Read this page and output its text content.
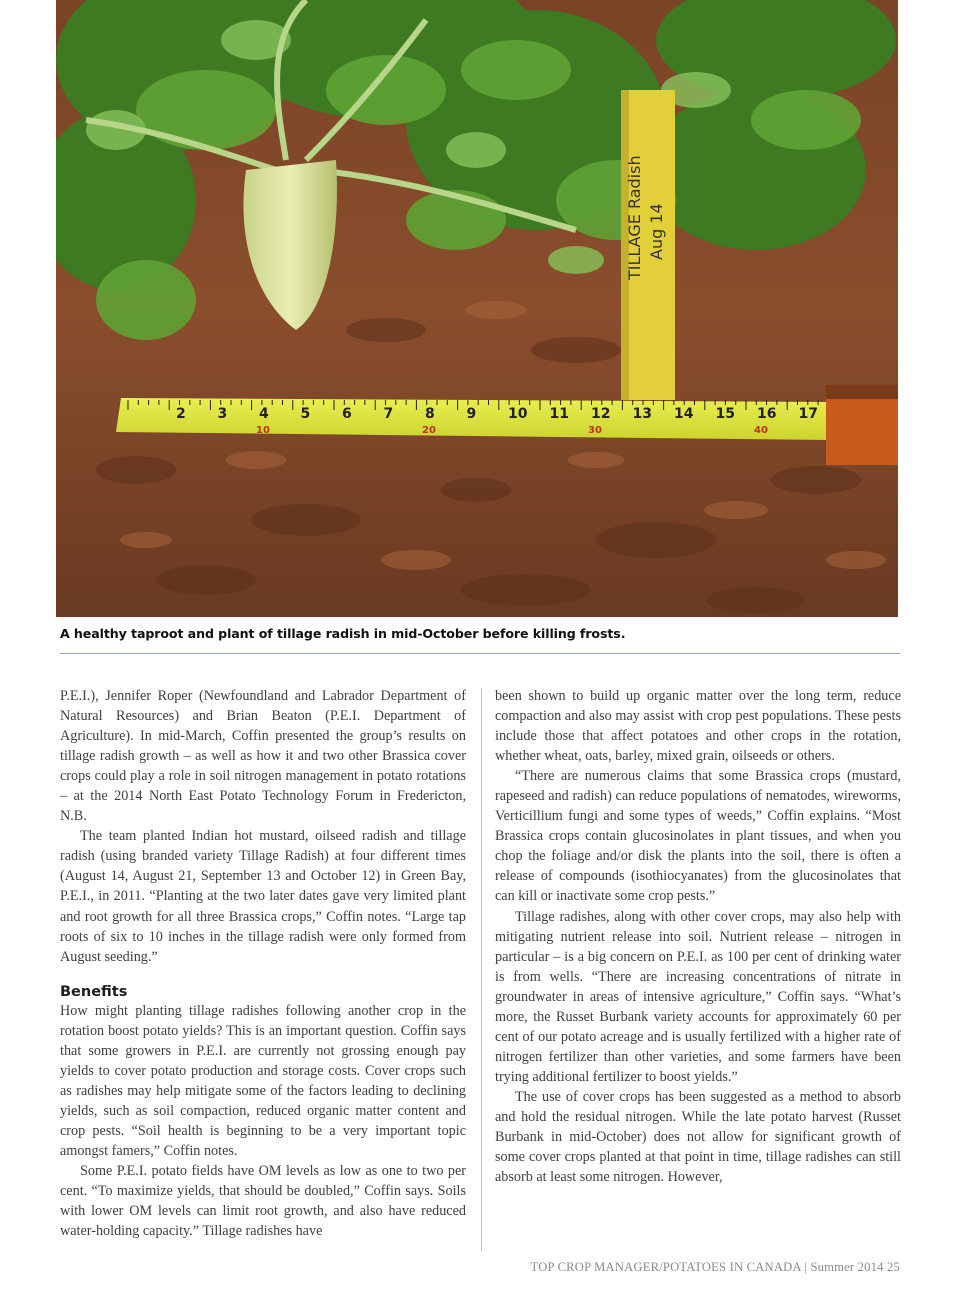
TILLAGE Radish Aug 14
2 3 4 5 6 7 8 9 10 11 12 13 14 15 16 17
10	20	30	40
A healthy taproot and plant of tillage radish in mid-October before killing frosts.

P.E.I.), Jennifer Roper (Newfoundland and Labrador Department of Natural Resources) and Brian Beaton (P.E.I. Department of Agriculture). In mid-March, Coffin presented the group’s results on tillage radish growth – as well as how it and two other Brassica cover crops could play a role in soil nitrogen management in potato rotations – at the 2014 North East Potato Technology Forum in Fredericton, N.B.

The team planted Indian hot mustard, oilseed radish and tillage radish (using branded variety Tillage Radish) at four different times (August 14, August 21, September 13 and October 12) in Green Bay, P.E.I., in 2011. “Planting at the two later dates gave very limited plant and root growth for all three Brassica crops,” Coffin notes. “Large tap roots of six to 10 inches in the tillage radish were only formed from August seeding.”

Benefits

How might planting tillage radishes following another crop in the rotation boost potato yields? This is an important question. Coffin says that some growers in P.E.I. are currently not grossing enough pay yields to cover potato production and storage costs. Cover crops such as radishes may help mitigate some of the factors leading to declining yields, such as soil compaction, reduced organic matter content and crop pests. “Soil health is beginning to be a very important topic amongst famers,” Coffin notes.

Some P.E.I. potato fields have OM levels as low as one to two per cent. “To maximize yields, that should be doubled,” Coffin says. Soils with lower OM levels can limit root growth, and also have reduced water-holding capacity.” Tillage radishes have

been shown to build up organic matter over the long term, reduce compaction and also may assist with crop pest populations. These pests include those that affect potatoes and other crops in the rotation, whether wheat, oats, barley, mixed grain, oilseeds or others.

“There are numerous claims that some Brassica crops (mustard, rapeseed and radish) can reduce populations of nematodes, wireworms, Verticillium fungi and some types of weeds,” Coffin explains. “Most Brassica crops contain glucosinolates in plant tissues, and when you chop the foliage and/or disk the plants into the soil, there is often a release of compounds (isothiocyanates) from the glucosinolates that can kill or inactivate some crop pests.”

Tillage radishes, along with other cover crops, may also help with mitigating nutrient release into soil. Nutrient release – nitrogen in particular – is a big concern on P.E.I. as 100 per cent of drinking water is from wells. “There are increasing concentrations of nitrate in groundwater in areas of intensive agriculture,” Coffin says. “What’s more, the Russet Burbank variety accounts for approximately 60 per cent of our potato acreage and is usually fertilized with a higher rate of nitrogen fertilizer than other varieties, and some farmers have been trying additional fertilizer to boost yields.”

The use of cover crops has been suggested as a method to absorb and hold the residual nitrogen. While the late potato harvest (Russet Burbank in mid-October) does not allow for significant growth of some cover crops planted at that point in time, tillage radishes can still absorb at least some nitrogen. However,

TOP CROP MANAGER/POTATOES IN CANADA | Summer 2014 25
